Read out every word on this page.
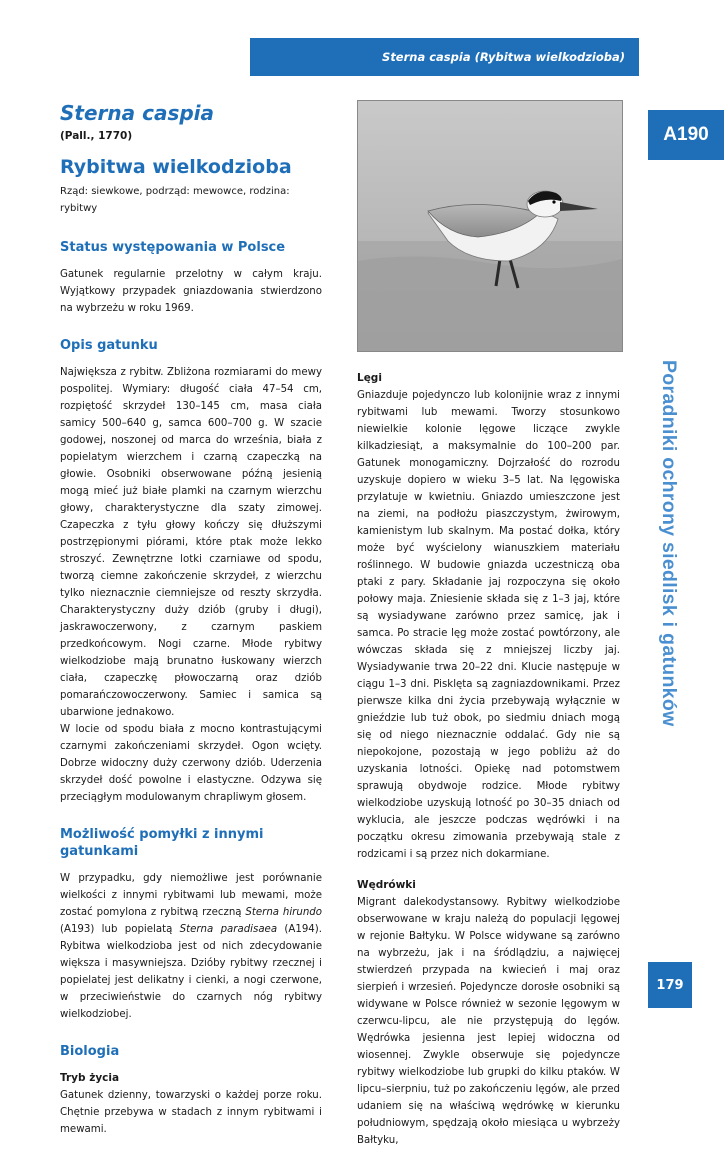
Sterna caspia (Rybitwa wielkodzioba)
A190
Poradniki ochrony siedlisk i gatunków
179
Sterna caspia

(Pall., 1770)

Rybitwa wielkodzioba

Rząd: siewkowe, podrząd: mewowce, rodzina: rybitwy

Status występowania w Polsce

Gatunek regularnie przelotny w całym kraju. Wyjątkowy przypadek gniazdowania stwierdzono na wybrzeżu w roku 1969.

Opis gatunku

Największa z rybitw. Zbliżona rozmiarami do mewy pospolitej. Wymiary: długość ciała 47–54 cm, rozpiętość skrzydeł 130–145 cm, masa ciała samicy 500–640 g, samca 600–700 g. W szacie godowej, noszonej od marca do września, biała z popielatym wierzchem i czarną czapeczką na głowie. Osobniki obserwowane późną jesienią mogą mieć już białe plamki na czarnym wierzchu głowy, charakterystyczne dla szaty zimowej. Czapeczka z tyłu głowy kończy się dłuższymi postrzępionymi piórami, które ptak może lekko stroszyć. Zewnętrzne lotki czarniawe od spodu, tworzą ciemne zakończenie skrzydeł, z wierzchu tylko nieznacznie ciemniejsze od reszty skrzydła. Charakterystyczny duży dziób (gruby i długi), jaskrawoczerwony, z czarnym paskiem przedkońcowym. Nogi czarne. Młode rybitwy wielkodziobe mają brunatno łuskowany wierzch ciała, czapeczkę płowoczarną oraz dziób pomarańczowoczerwony. Samiec i samica są ubarwione jednakowo.

W locie od spodu biała z mocno kontrastującymi czarnymi zakończeniami skrzydeł. Ogon wcięty. Dobrze widoczny duży czerwony dziób. Uderzenia skrzydeł dość powolne i elastyczne. Odzywa się przeciągłym modulowanym chrapliwym głosem.

Możliwość pomyłki z innymi gatunkami

W przypadku, gdy niemożliwe jest porównanie wielkości z innymi rybitwami lub mewami, może zostać pomylona z rybitwą rzeczną Sterna hirundo (A193) lub popielatą Sterna paradisaea (A194). Rybitwa wielkodzioba jest od nich zdecydowanie większa i masywniejsza. Dzióby rybitwy rzecznej i popielatej jest delikatny i cienki, a nogi czerwone, w przeciwieństwie do czarnych nóg rybitwy wielkodziobej.

Biologia

Tryb życia

Gatunek dzienny, towarzyski o każdej porze roku. Chętnie przebywa w stadach z innym rybitwami i mewami.

Lęgi

Gniazduje pojedynczo lub kolonijnie wraz z innymi rybitwami lub mewami. Tworzy stosunkowo niewielkie kolonie lęgowe liczące zwykle kilkadziesiąt, a maksymalnie do 100–200 par. Gatunek monogamiczny. Dojrzałość do rozrodu uzyskuje dopiero w wieku 3–5 lat. Na lęgowiska przylatuje w kwietniu. Gniazdo umieszczone jest na ziemi, na podłożu piaszczystym, żwirowym, kamienistym lub skalnym. Ma postać dołka, który może być wyścielony wianuszkiem materiału roślinnego. W budowie gniazda uczestniczą oba ptaki z pary. Składanie jaj rozpoczyna się około połowy maja. Zniesienie składa się z 1–3 jaj, które są wysiadywane zarówno przez samicę, jak i samca. Po stracie lęg może zostać powtórzony, ale wówczas składa się z mniejszej liczby jaj. Wysiadywanie trwa 20–22 dni. Klucie następuje w ciągu 1–3 dni. Pisklęta są zagniazdownikami. Przez pierwsze kilka dni życia przebywają wyłącznie w gnieździe lub tuż obok, po siedmiu dniach mogą się od niego nieznacznie oddalać. Gdy nie są niepokojone, pozostają w jego pobliżu aż do uzyskania lotności. Opiekę nad potomstwem sprawują obydwoje rodzice. Młode rybitwy wielkodziobe uzyskują lotność po 30–35 dniach od wyklucia, ale jeszcze podczas wędrówki i na początku okresu zimowania przebywają stale z rodzicami i są przez nich dokarmiane.

Wędrówki

Migrant dalekodystansowy. Rybitwy wielkodziobe obserwowane w kraju należą do populacji lęgowej w rejonie Bałtyku. W Polsce widywane są zarówno na wybrzeżu, jak i na śródlądziu, a najwięcej stwierdzeń przypada na kwiecień i maj oraz sierpień i wrzesień. Pojedyncze dorosłe osobniki są widywane w Polsce również w sezonie lęgowym w czerwcu-lipcu, ale nie przystępują do lęgów. Wędrówka jesienna jest lepiej widoczna od wiosennej. Zwykle obserwuje się pojedyncze rybitwy wielkodziobe lub grupki do kilku ptaków. W lipcu–sierpniu, tuż po zakończeniu lęgów, ale przed udaniem się na właściwą wędrówkę w kierunku południowym, spędzają około miesiąca u wybrzeży Bałtyku,
